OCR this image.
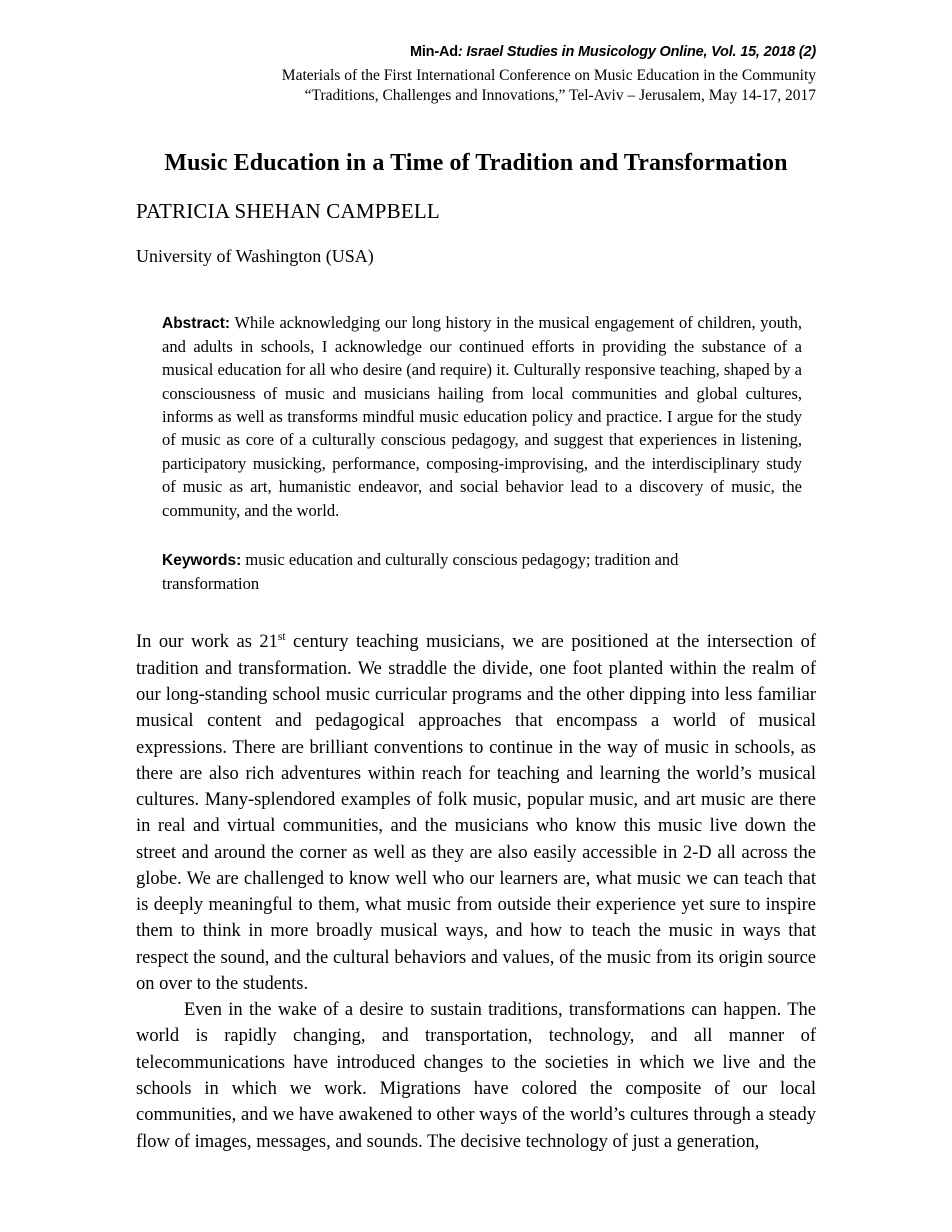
Min-Ad: Israel Studies in Musicology Online, Vol. 15, 2018 (2)
Materials of the First International Conference on Music Education in the Community
“Traditions, Challenges and Innovations,” Tel-Aviv – Jerusalem, May 14-17, 2017
Music Education in a Time of Tradition and Transformation
PATRICIA SHEHAN CAMPBELL
University of Washington (USA)

Abstract: While acknowledging our long history in the musical engagement of children, youth, and adults in schools, I acknowledge our continued efforts in providing the substance of a musical education for all who desire (and require) it. Culturally responsive teaching, shaped by a consciousness of music and musicians hailing from local communities and global cultures, informs as well as transforms mindful music education policy and practice. I argue for the study of music as core of a culturally conscious pedagogy, and suggest that experiences in listening, participatory musicking, performance, composing-improvising, and the interdisciplinary study of music as art, humanistic endeavor, and social behavior lead to a discovery of music, the community, and the world.

Keywords: music education and culturally conscious pedagogy; tradition and transformation

In our work as 21st century teaching musicians, we are positioned at the intersection of tradition and transformation. We straddle the divide, one foot planted within the realm of our long-standing school music curricular programs and the other dipping into less familiar musical content and pedagogical approaches that encompass a world of musical expressions. There are brilliant conventions to continue in the way of music in schools, as there are also rich adventures within reach for teaching and learning the world’s musical cultures. Many-splendored examples of folk music, popular music, and art music are there in real and virtual communities, and the musicians who know this music live down the street and around the corner as well as they are also easily accessible in 2-D all across the globe. We are challenged to know well who our learners are, what music we can teach that is deeply meaningful to them, what music from outside their experience yet sure to inspire them to think in more broadly musical ways, and how to teach the music in ways that respect the sound, and the cultural behaviors and values, of the music from its origin source on over to the students.

Even in the wake of a desire to sustain traditions, transformations can happen. The world is rapidly changing, and transportation, technology, and all manner of telecommunications have introduced changes to the societies in which we live and the schools in which we work. Migrations have colored the composite of our local communities, and we have awakened to other ways of the world’s cultures through a steady flow of images, messages, and sounds. The decisive technology of just a generation,
